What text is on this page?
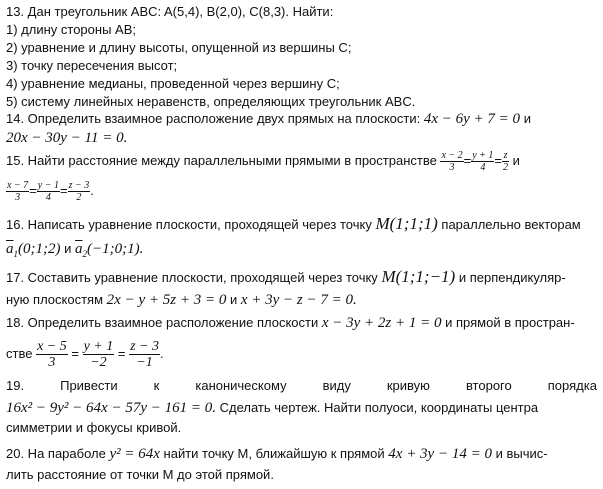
13. Дан треугольник ABC: A(5,4), B(2,0), C(8,3). Найти:
1) длину стороны AB;
2) уравнение и длину высоты, опущенной из вершины С;
3) точку пересечения высот;
4) уравнение медианы, проведенной через вершину С;
5) систему линейных неравенств, определяющих треугольник ABC.
14. Определить взаимное расположение двух прямых на плоскости: 4x − 6y + 7 = 0 и
20x − 30y − 11 = 0.
15. Найти расстояние между параллельными прямыми в пространстве $\frac{x - 2}{3} = \frac{y + 1}{4} = \frac{z}{2}$ и
$\frac{x - 7}{3} = \frac{y - 1}{4} = \frac{z - 3}{2}$ .
16. Написать уравнение плоскости, проходящей через точку M(1;1;1) параллельно векторам
$\overline{a}_1(0;1;2)$ и $\overline{a}_2(-1;0;1)$.
17. Составить уравнение плоскости, проходящей через точку M(1;1;−1) и перпендикуляр-
ную плоскостям 2x − y + 5z + 3 = 0 и x + 3y − z − 7 = 0.
18. Определить взаимное расположение плоскости x − 3y + 2z + 1 = 0 и прямой в простран-
стве $\frac{x - 5}{3} = \frac{y + 1}{-2} = \frac{z - 3}{-1}$ .
19.	Привести	к	каноническому	виду	кривую	второго	порядка
16x² − 9y² − 64x − 57y − 161 = 0. Сделать чертеж. Найти полуоси, координаты центра
симметрии и фокусы кривой.
20. На параболе y² = 64x найти точку М, ближайшую к прямой 4x + 3y − 14 = 0 и вычис-
лить расстояние от точки М до этой прямой.
